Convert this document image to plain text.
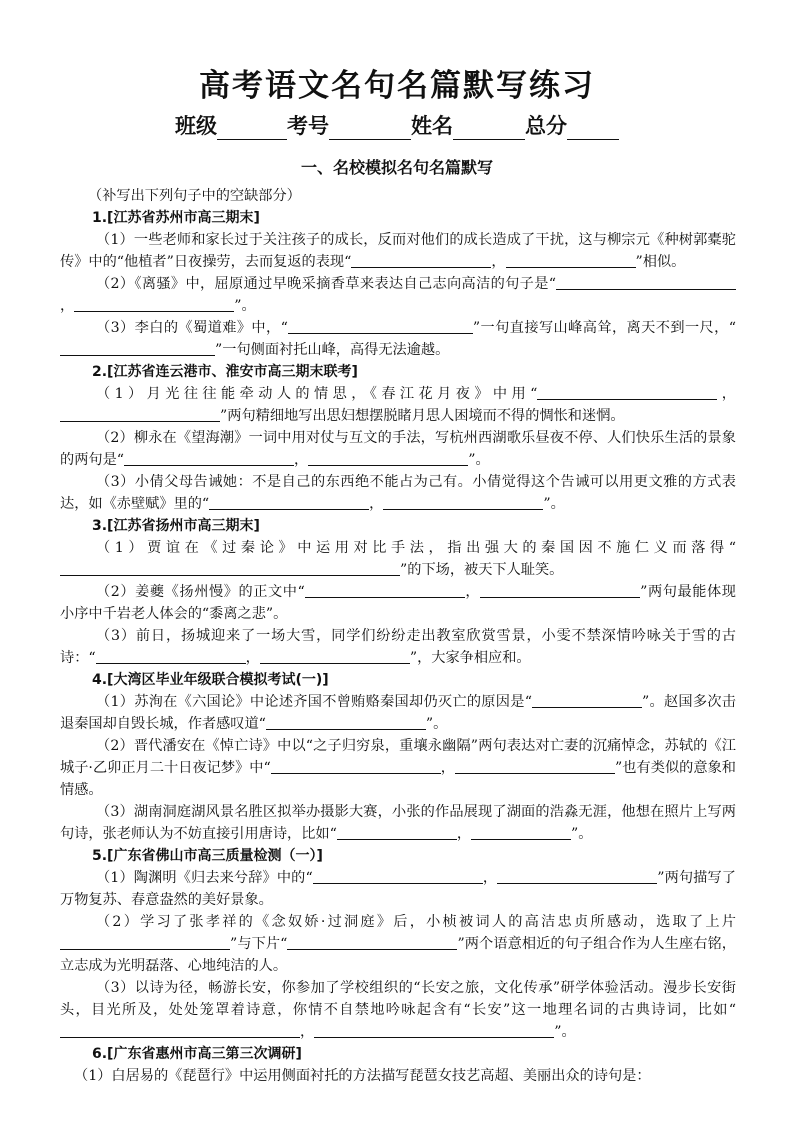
高考语文名句名篇默写练习
班级	考号	姓名	总分
一、名校模拟名句名篇默写

（补写出下列句子中的空缺部分）

1.[江苏省苏州市高三期末]

（1）一些老师和家长过于关注孩子的成长，反而对他们的成长造成了干扰，这与柳宗元《种树郭橐驼传》中的“他植者”日夜操劳，去而复返的表现“	，	”相似。

（2）《离骚》中，屈原通过早晚采摘香草来表达自己志向高洁的句子是“，	”。

（3）李白的《蜀道难》中，“	”一句直接写山峰高耸，离天不到一尺，“”一句侧面衬托山峰，高得无法逾越。

2.[江苏省连云港市、淮安市高三期末联考]

（1）月光往往能牵动人的情思，《春江花月夜》中用“	，”两句精细地写出思妇想摆脱睹月思人困境而不得的惆怅和迷惘。

（2）柳永在《望海潮》一词中用对仗与互文的手法，写杭州西湖歌乐昼夜不停、人们快乐生活的景象的两句是“	，	”。

（3）小倩父母告诫她：不是自己的东西绝不能占为己有。小倩觉得这个告诫可以用更文雅的方式表达，如《赤壁赋》里的“	，	”。

3.[江苏省扬州市高三期末]

（1）贾谊在《过秦论》中运用对比手法，指出强大的秦国因不施仁义而落得“”的下场，被天下人耻笑。

（2）姜夔《扬州慢》的正文中“	，	”两句最能体现小序中千岩老人体会的“黍离之悲”。

（3）前日，扬城迎来了一场大雪，同学们纷纷走出教室欣赏雪景，小雯不禁深情吟咏关于雪的古诗：“	，	”，大家争相应和。

4.[大湾区毕业年级联合模拟考试(一)]

（1）苏洵在《六国论》中论述齐国不曾贿赂秦国却仍灭亡的原因是“	”。赵国多次击退秦国却自毁长城，作者感叹道“	”。

（2）晋代潘安在《悼亡诗》中以“之子归穷泉，重壤永幽隔”两句表达对亡妻的沉痛悼念，苏轼的《江城子·乙卯正月二十日夜记梦》中“	，	”也有类似的意象和情感。

（3）湖南洞庭湖风景名胜区拟举办摄影大赛，小张的作品展现了湖面的浩淼无涯，他想在照片上写两句诗，张老师认为不妨直接引用唐诗，比如“	，	”。

5.[广东省佛山市高三质量检测（一）]

（1）陶渊明《归去来兮辞》中的“	，	”两句描写了万物复苏、春意盎然的美好景象。

（2）学习了张孝祥的《念奴娇·过洞庭》后，小桢被词人的高洁忠贞所感动，选取了上片”与下片“	”两个语意相近的句子组合作为人生座右铭，立志成为光明磊落、心地纯洁的人。

（3）以诗为径，畅游长安，你参加了学校组织的“长安之旅，文化传承”研学体验活动。漫步长安街头，目光所及，处处笼罩着诗意，你情不自禁地吟咏起含有“长安”这一地理名词的古典诗词，比如“，	”。

6.[广东省惠州市高三第三次调研]

（1）白居易的《琵琶行》中运用侧面衬托的方法描写琵琶女技艺高超、美丽出众的诗句是：
